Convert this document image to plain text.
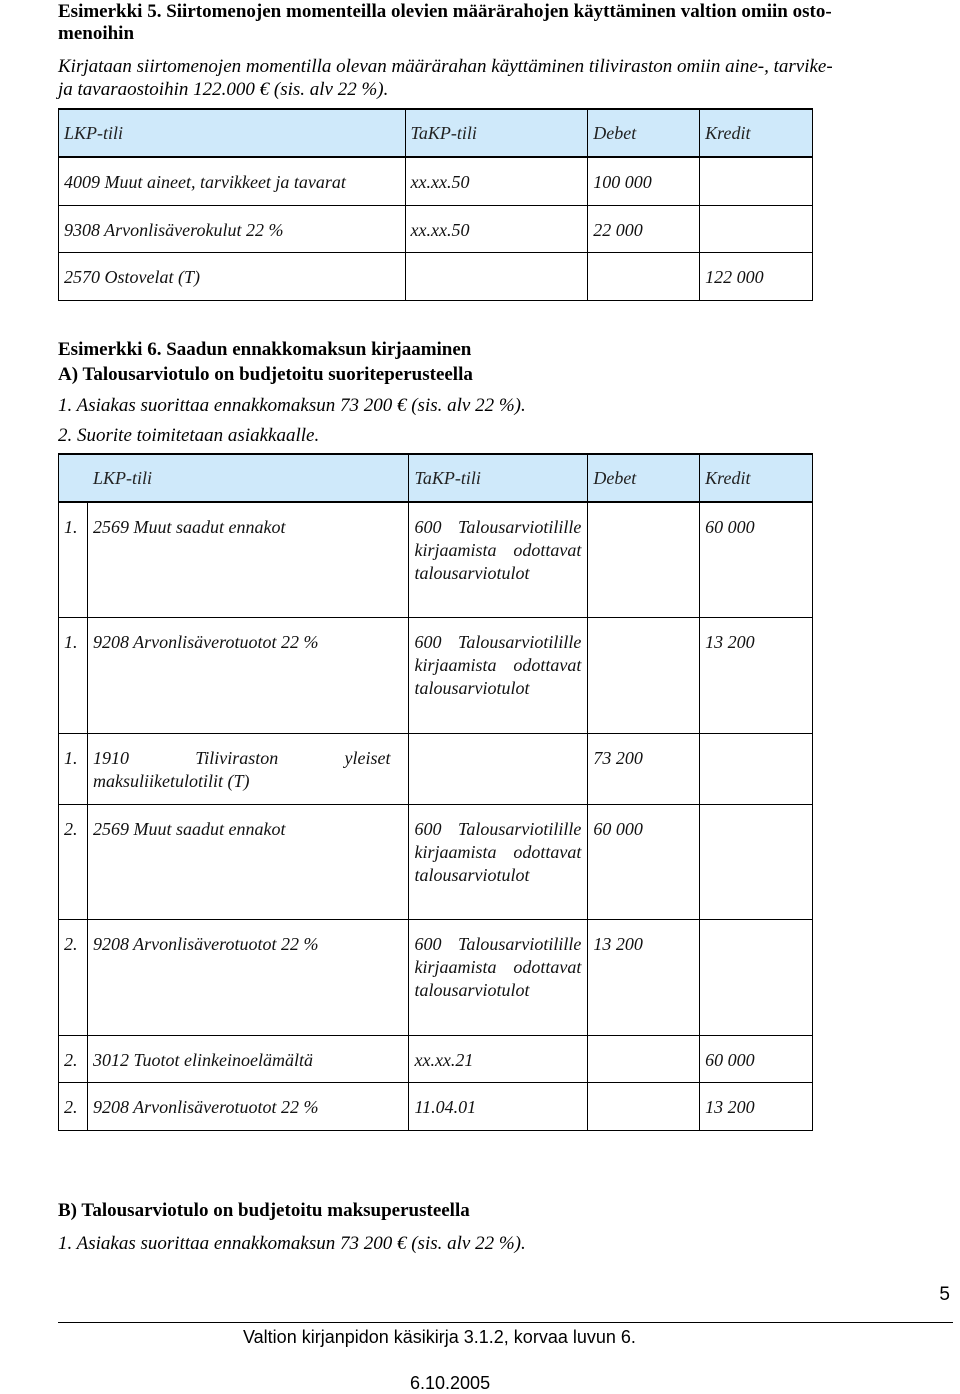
Esimerkki 5. Siirtomenojen momenteilla olevien määrärahojen käyttäminen valtion omiin osto-
menoihin
Kirjataan siirtomenojen momentilla olevan määrärahan käyttäminen tiliviraston omiin aine-, tarvike-
ja tavaraostoihin 122.000 € (sis. alv 22 %).
LKP-tili	TaKP-tili	Debet	Kredit

4009 Muut aineet, tarvikkeet ja tavarat	xx.xx.50	100 000	

9308 Arvonlisäverokulut 22 %	xx.xx.50	22 000	

2570 Ostovelat (T)			122 000
Esimerkki 6. Saadun ennakkomaksun kirjaaminen
A) Talousarviotulo on budjetoitu suoriteperusteella
1. Asiakas suorittaa ennakkomaksun 73 200 € (sis. alv 22 %).
2. Suorite toimitetaan asiakkaalle.
LKP-tili		TaKP-tili	Debet	Kredit

1.	2569 Muut saadut ennakot	600 Talousarviotilille kirjaamista odottavat talousarviotulot		60 000

1.	9208 Arvonlisäverotuotot 22 %	600 Talousarviotilille kirjaamista odottavat talousarviotulot		13 200

1.	1910 Tiliviraston yleiset maksuliiketulotilit (T)		73 200	

2.	2569 Muut saadut ennakot	600 Talousarviotilille kirjaamista odottavat talousarviotulot	60 000	

2.	9208 Arvonlisäverotuotot 22 %	600 Talousarviotilille kirjaamista odottavat talousarviotulot	13 200	

2.	3012 Tuotot elinkeinoelämältä	xx.xx.21		60 000

2.	9208 Arvonlisäverotuotot 22 %	11.04.01		13 200
B) Talousarviotulo on budjetoitu maksuperusteella
1. Asiakas suorittaa ennakkomaksun 73 200 € (sis. alv 22 %).
5
Valtion kirjanpidon käsikirja 3.1.2, korvaa luvun 6.
6.10.2005
